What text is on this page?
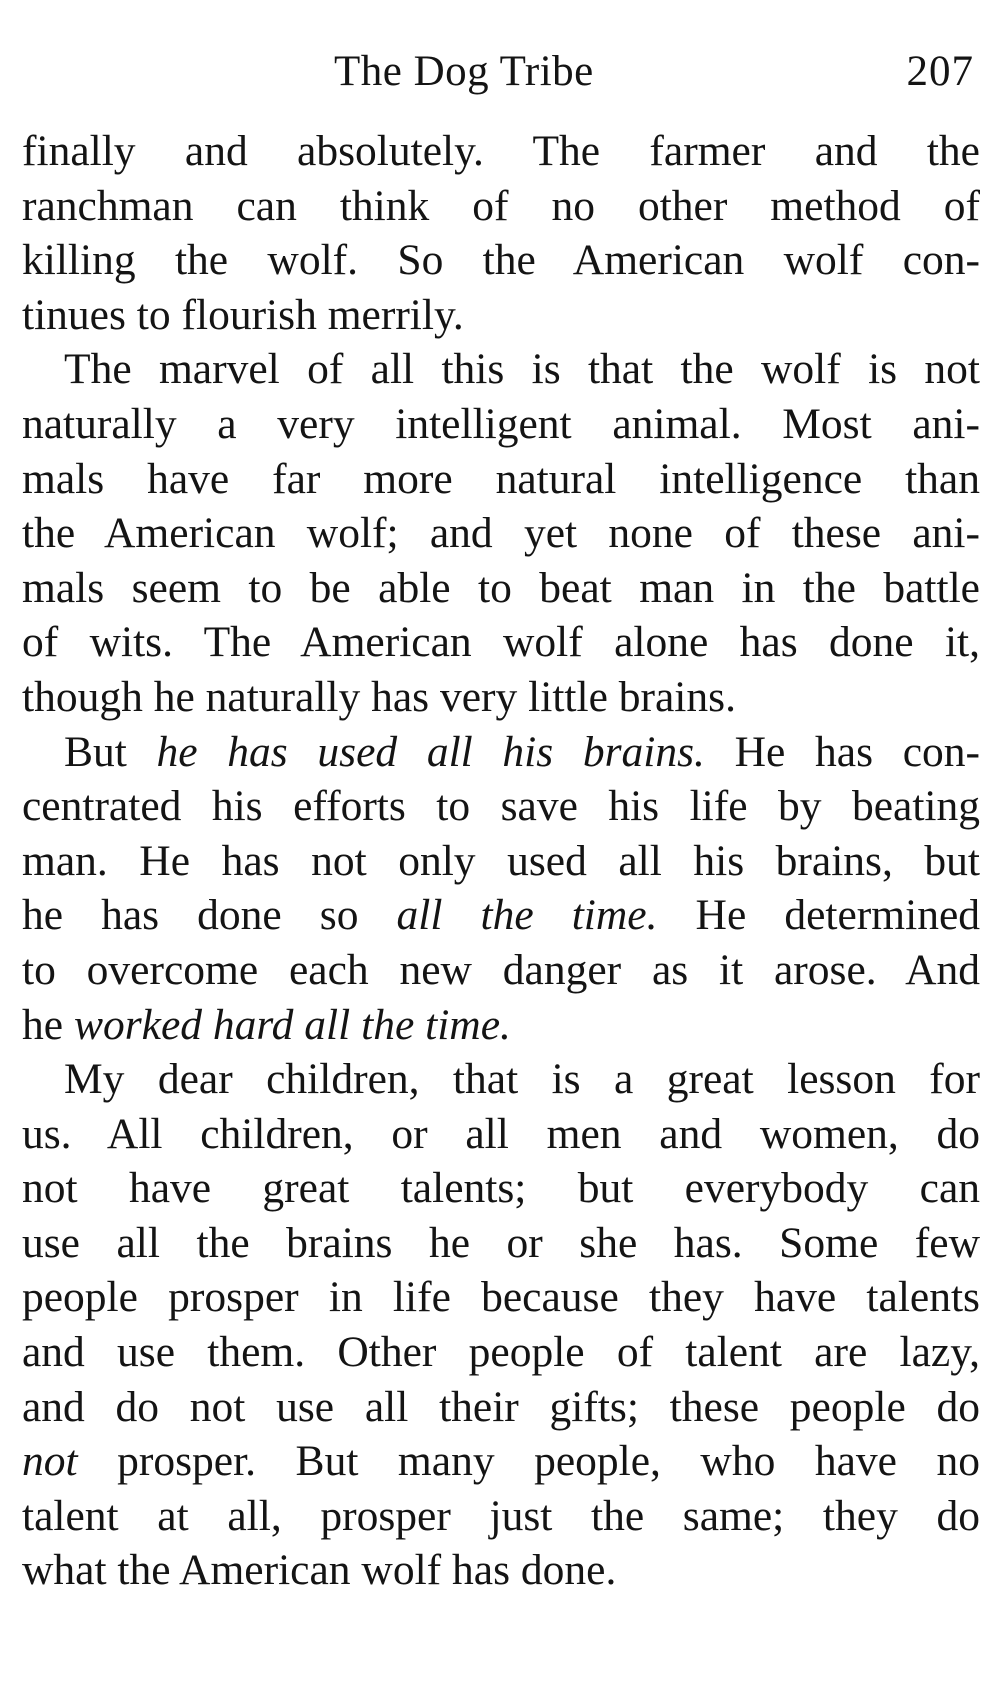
The Dog Tribe	207
finally and absolutely. The farmer and the
ranchman can think of no other method of
killing the wolf. So the American wolf con-
tinues to flourish merrily.
The marvel of all this is that the wolf is not
naturally a very intelligent animal. Most ani-
mals have far more natural intelligence than
the American wolf; and yet none of these ani-
mals seem to be able to beat man in the battle
of wits. The American wolf alone has done it,
though he naturally has very little brains.
But he has used all his brains. He has con-
centrated his efforts to save his life by beating
man. He has not only used all his brains, but
he has done so all the time. He determined
to overcome each new danger as it arose. And
he worked hard all the time.
My dear children, that is a great lesson for
us. All children, or all men and women, do
not have great talents; but everybody can
use all the brains he or she has. Some few
people prosper in life because they have talents
and use them. Other people of talent are lazy,
and do not use all their gifts; these people do
not prosper. But many people, who have no
talent at all, prosper just the same; they do
what the American wolf has done.
